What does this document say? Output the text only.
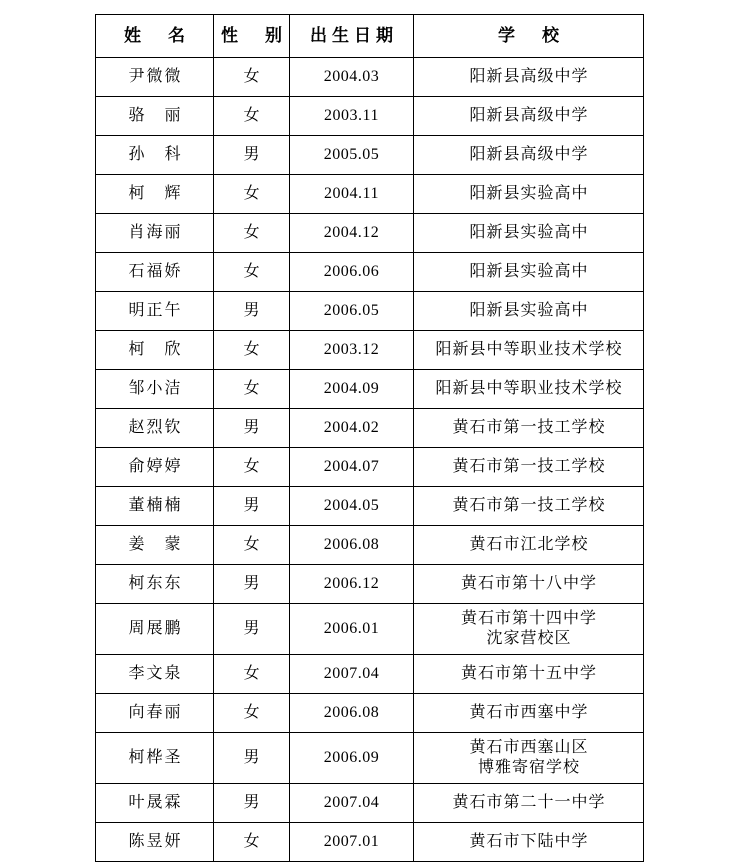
姓　名	性　别	出生日期	学　校
尹微微	女	2004.03	阳新县高级中学

骆　丽	女	2003.11	阳新县高级中学

孙　科	男	2005.05	阳新县高级中学

柯　辉	女	2004.11	阳新县实验高中

肖海丽	女	2004.12	阳新县实验高中

石福娇	女	2006.06	阳新县实验高中

明正午	男	2006.05	阳新县实验高中

柯　欣	女	2003.12	阳新县中等职业技术学校

邹小洁	女	2004.09	阳新县中等职业技术学校

赵烈钦	男	2004.02	黄石市第一技工学校

俞婷婷	女	2004.07	黄石市第一技工学校

董楠楠	男	2004.05	黄石市第一技工学校

姜　蒙	女	2006.08	黄石市江北学校

柯东东	男	2006.12	黄石市第十八中学

周展鹏	男	2006.01	黄石市第十四中学
沈家营校区

李文泉	女	2007.04	黄石市第十五中学

向春丽	女	2006.08	黄石市西塞中学

柯桦圣	男	2006.09	黄石市西塞山区
博雅寄宿学校

叶晟霖	男	2007.04	黄石市第二十一中学

陈昱妍	女	2007.01	黄石市下陆中学
